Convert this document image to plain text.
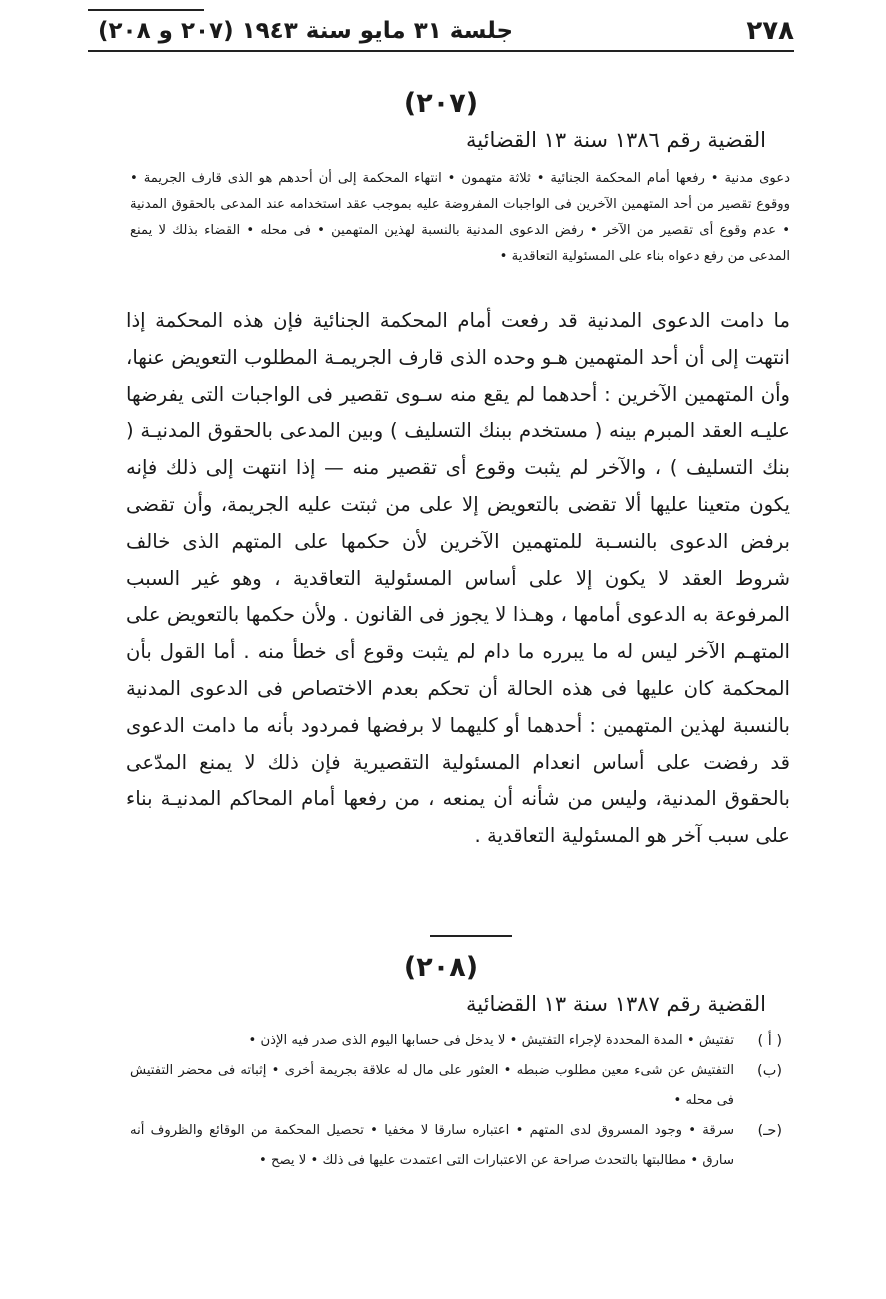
٢٧٨
جلسة ٣١ مايو سنة ١٩٤٣ (٢٠٧ و ٢٠٨)
(٢٠٧)
القضية رقم ١٣٨٦ سنة ١٣ القضائية

دعوى مدنية • رفعها أمام المحكمة الجنائية • ثلاثة متهمون • انتهاء المحكمة إلى أن أحدهم هو الذى قارف الجريمة • ووقوع تقصير من أحد المتهمين الآخرين فى الواجبات المفروضة عليه بموجب عقد استخدامه عند المدعى بالحقوق المدنية • عدم وقوع أى تقصير من الآخر • رفض الدعوى المدنية بالنسبة لهذين المتهمين • فى محله • القضاء بذلك لا يمنع المدعى من رفع دعواه بناء على المسئولية التعاقدية •

ما دامت الدعوى المدنية قد رفعت أمام المحكمة الجنائية فإن هذه المحكمة إذا انتهت إلى أن أحد المتهمين هـو وحده الذى قارف الجريمـة المطلوب التعويض عنها، وأن المتهمين الآخرين : أحدهما لم يقع منه سـوى تقصير فى الواجبات التى يفرضها عليـه العقد المبرم بينه ( مستخدم ببنك التسليف ) وبين المدعى بالحقوق المدنيـة ( بنك التسليف ) ، والآخر لم يثبت وقوع أى تقصير منه — إذا انتهت إلى ذلك فإنه يكون متعينا عليها ألا تقضى بالتعويض إلا على من ثبتت عليه الجريمة، وأن تقضى برفض الدعوى بالنسـبة للمتهمين الآخرين لأن حكمها على المتهم الذى خالف شروط العقد لا يكون إلا على أساس المسئولية التعاقدية ، وهو غير السبب المرفوعة به الدعوى أمامها ، وهـذا لا يجوز فى القانون . ولأن حكمها بالتعويض على المتهـم الآخر ليس له ما يبرره ما دام لم يثبت وقوع أى خطأ منه . أما القول بأن المحكمة كان عليها فى هذه الحالة أن تحكم بعدم الاختصاص فى الدعوى المدنية بالنسبة لهذين المتهمين : أحدهما أو كليهما لا برفضها فمردود بأنه ما دامت الدعوى قد رفضت على أساس انعدام المسئولية التقصيرية فإن ذلك لا يمنع المدّعى بالحقوق المدنية، وليس من شأنه أن يمنعه ، من رفعها أمام المحاكم المدنيـة بناء على سبب آخر هو المسئولية التعاقدية .

(٢٠٨)
القضية رقم ١٣٨٧ سنة ١٣ القضائية
( أ )
تفتيش • المدة المحددة لإجراء التفتيش • لا يدخل فى حسابها اليوم الذى صدر فيه الإذن •
(ب)
التفتيش عن شىء معين مطلوب ضبطه • العثور على مال له علاقة بجريمة أخرى • إثباته فى محضر التفتيش فى محله •
(حـ)
سرقة • وجود المسروق لدى المتهم • اعتباره سارقا لا مخفيا • تحصيل المحكمة من الوقائع والظروف أنه سارق • مطالبتها بالتحدث صراحة عن الاعتبارات التى اعتمدت عليها فى ذلك • لا يصح •
